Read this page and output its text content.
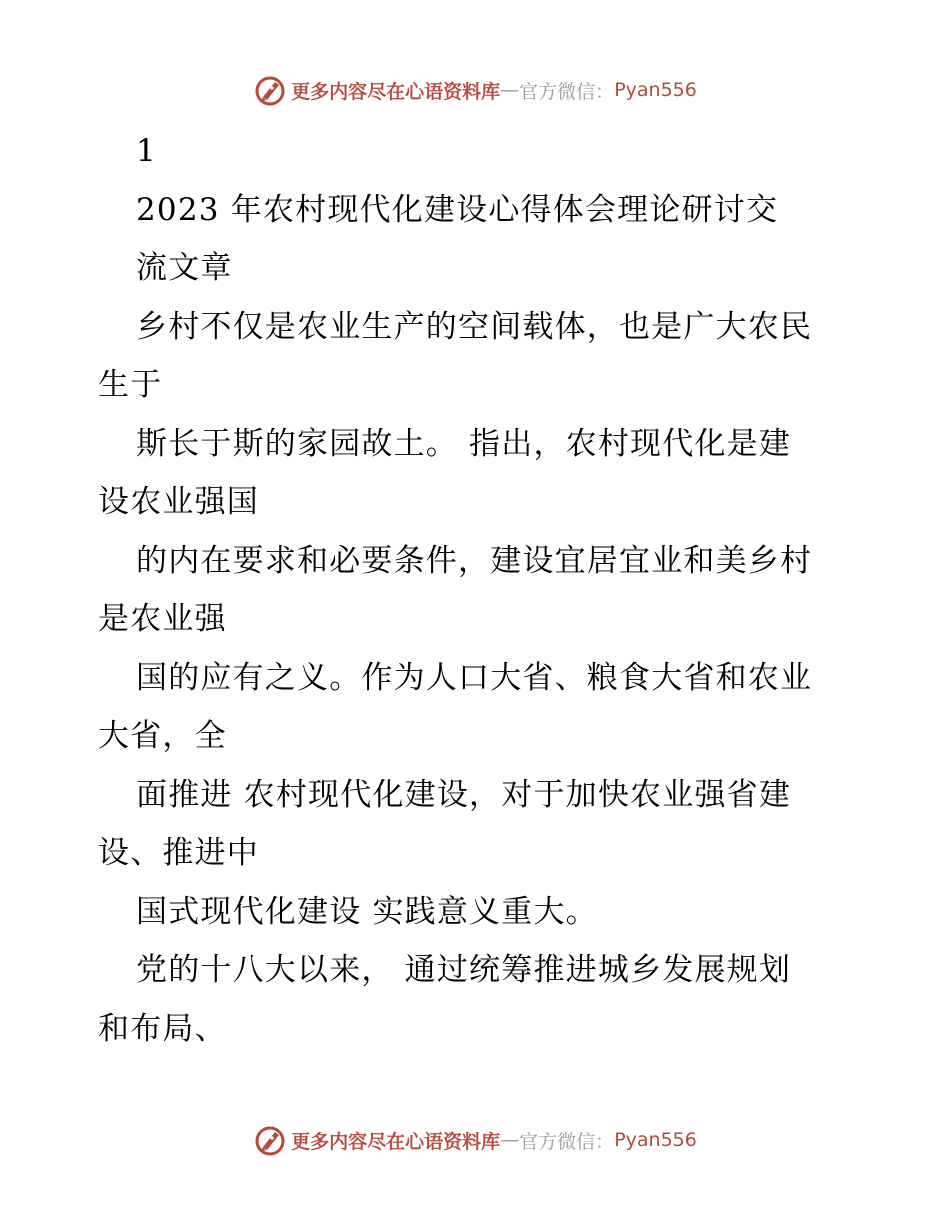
更多内容尽在心语资料库 — 官方微信： Pyan556
1
2023 年农村现代化建设心得体会理论研讨交
流文章
乡村不仅是农业生产的空间载体，也是广大农民
生于
斯长于斯的家园故土。 指出，农村现代化是建
设农业强国
的内在要求和必要条件，建设宜居宜业和美乡村
是农业强
国的应有之义。作为人口大省、粮食大省和农业
大省，全
面推进 农村现代化建设，对于加快农业强省建
设、推进中
国式现代化建设 实践意义重大。
党的十八大以来， 通过统筹推进城乡发展规划
和布局、
更多内容尽在心语资料库 — 官方微信： Pyan556
